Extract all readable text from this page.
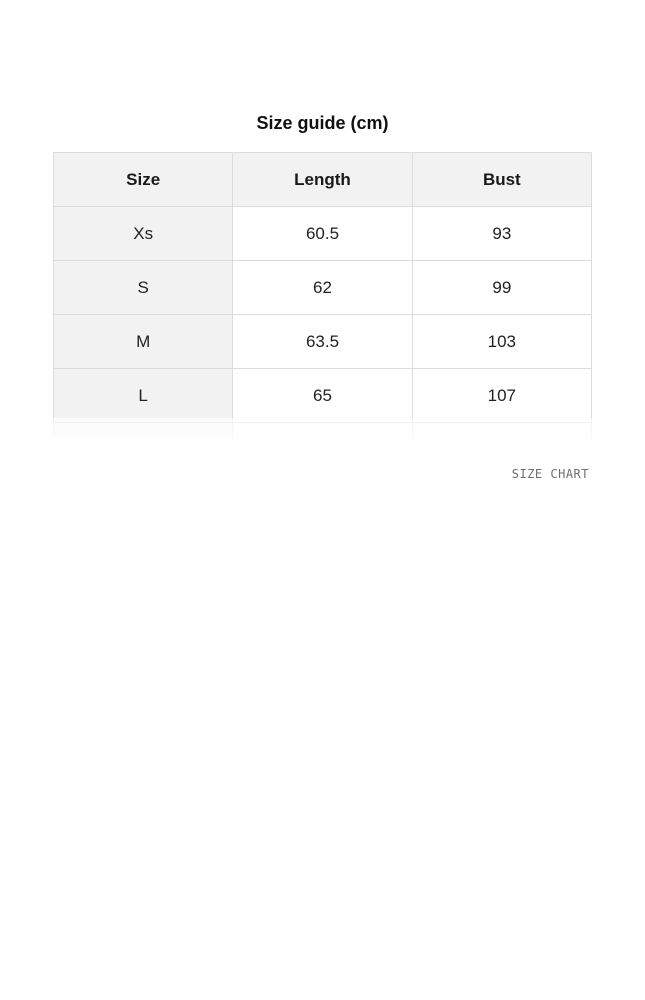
Size guide (cm)
Size	Length	Bust
Xs	60.5	93
S	62	99
M	63.5	103
L	65	107

SIZE CHART
